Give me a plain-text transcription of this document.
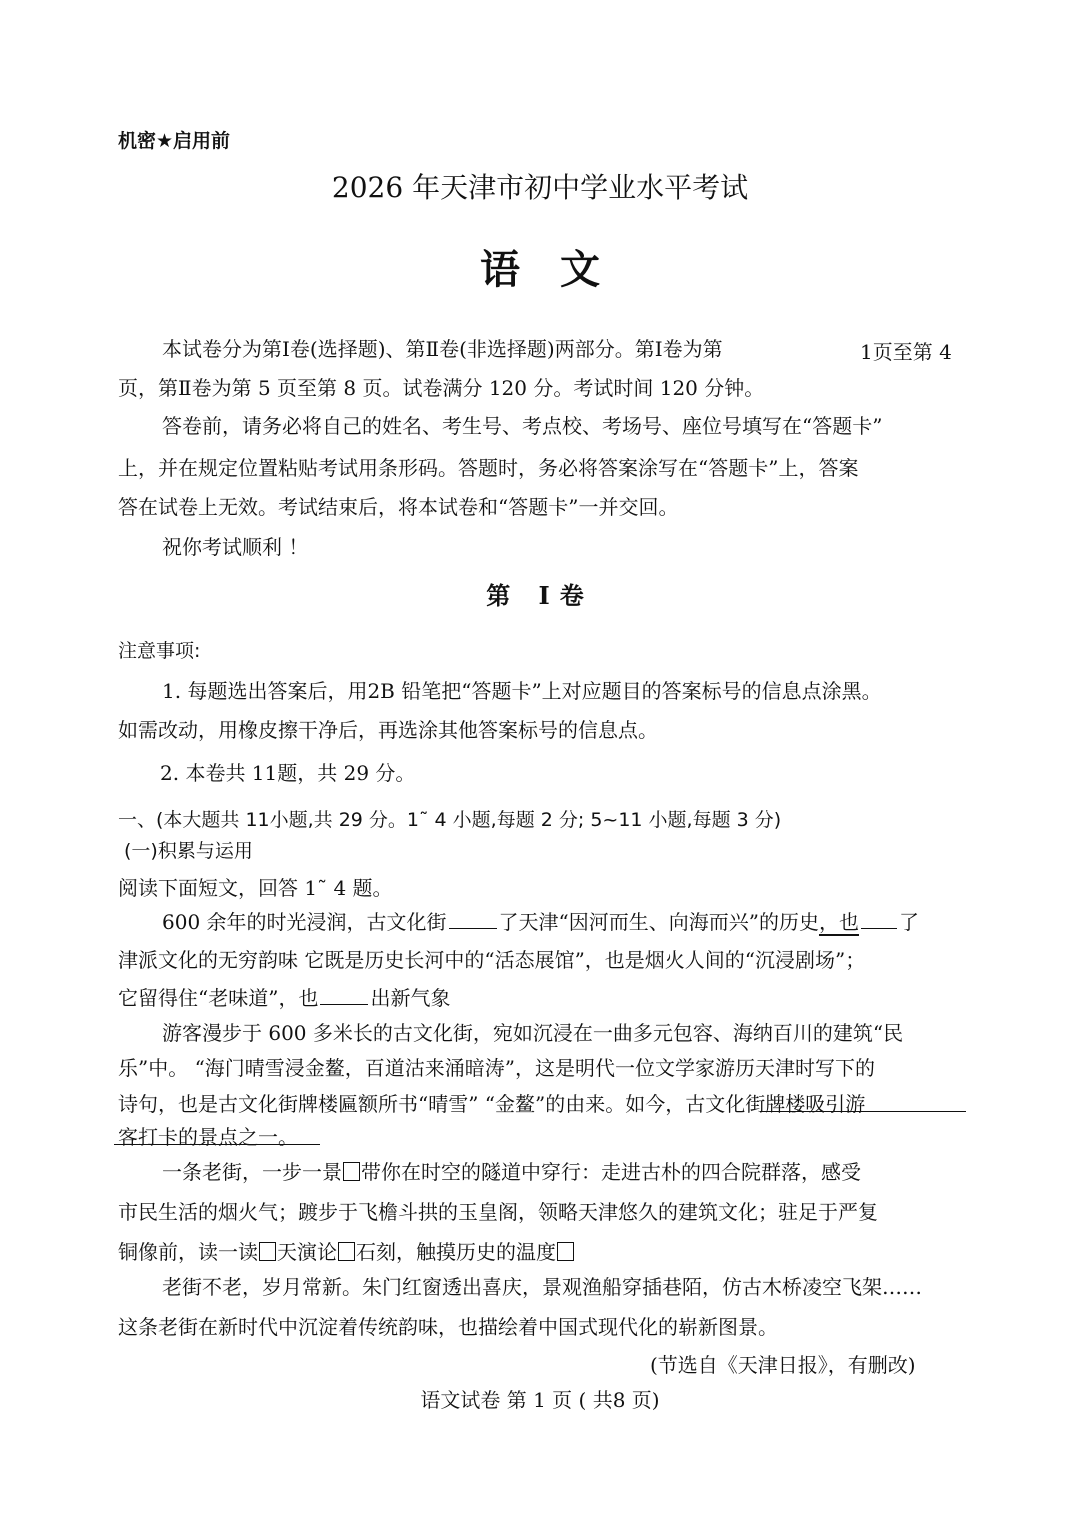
机密★启用前
2026 年天津市初中学业水平考试
语文
本试卷分为第Ⅰ卷(选择题)、第Ⅱ卷(非选择题)两部分。第Ⅰ卷为第	1页至第 4
页，第Ⅱ卷为第 5 页至第 8 页。试卷满分 120 分。考试时间 120 分钟。
答卷前，请务必将自己的姓名、考生号、考点校、考场号、座位号填写在“答题卡”
上，并在规定位置粘贴考试用条形码。答题时，务必将答案涂写在“答题卡”上，答案
答在试卷上无效。考试结束后，将本试卷和“答题卡”一并交回。
祝你考试顺利 ！
第 Ⅰ卷
注意事项:
1. 每题选出答案后，用2B 铅笔把“答题卡”上对应题目的答案标号的信息点涂黑。
如需改动，用橡皮擦干净后，再选涂其他答案标号的信息点。
2. 本卷共 11题，共 29 分。
一、(本大题共 11小题,共 29 分。1˜ 4 小题,每题 2 分; 5~11 小题,每题 3 分)
(一)积累与运用
阅读下面短文，回答 1˜ 4 题。
600 余年的时光浸润，古文化街	了天津“因河而生、向海而兴”的历史，也 了
津派文化的无穷韵味 它既是历史长河中的“活态展馆”，也是烟火人间的“沉浸剧场”；
它留得住“老味道”，也	出新气象
游客漫步于 600 多米长的古文化街，宛如沉浸在一曲多元包容、海纳百川的建筑“民
乐”中。 “海门晴雪浸金鳌，百道沽来涌暗涛”，这是明代一位文学家游历天津时写下的
诗句，也是古文化街牌楼匾额所书“晴雪” “金鳌”的由来。如今，古文化街牌楼吸引游
客打卡的景点之一。
一条老街，一步一景 带你在时空的隧道中穿行：走进古朴的四合院群落，感受
市民生活的烟火气；踱步于飞檐斗拱的玉皇阁，领略天津悠久的建筑文化；驻足于严复
铜像前，读一读 天演论 石刻，触摸历史的温度
老街不老，岁月常新。朱门红窗透出喜庆，景观渔船穿插巷陌，仿古木桥凌空飞架……
这条老街在新时代中沉淀着传统韵味，也描绘着中国式现代化的崭新图景。
(节选自《天津日报》，有删改)
语文试卷 第 1 页 ( 共8 页)
